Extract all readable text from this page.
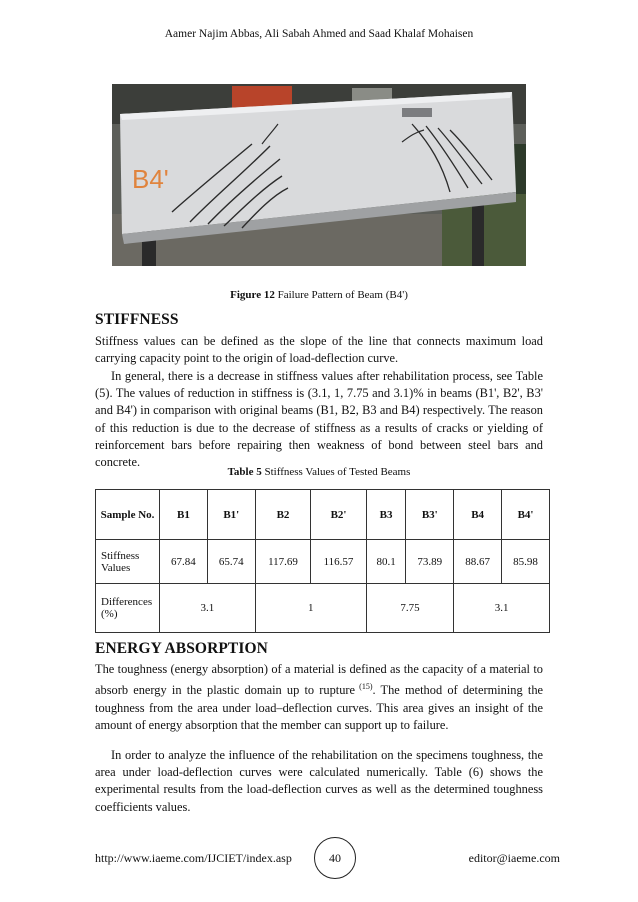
Aamer Najim Abbas, Ali Sabah Ahmed and Saad Khalaf Mohaisen
B4'
Figure 12 Failure Pattern of Beam (B4')
STIFFNESS
Stiffness values can be defined as the slope of the line that connects maximum load carrying capacity point to the origin of load-deflection curve.
In general, there is a decrease in stiffness values after rehabilitation process, see Table (5). The values of reduction in stiffness is (3.1, 1, 7.75 and 3.1)% in beams (B1', B2', B3' and B4') in comparison with original beams (B1, B2, B3 and B4) respectively. The reason of this reduction is due to the decrease of stiffness as a results of cracks or yielding of reinforcement bars before repairing then weakness of bond between steel bars and concrete.
Table 5 Stiffness Values of Tested Beams
Sample No.	B1	B1'	B2	B2'	B3	B3'	B4	B4'
Stiffness Values	67.84	65.74	117.69	116.57	80.1	73.89	88.67	85.98
Differences (%)	3.1		1		7.75		3.1	
ENERGY ABSORPTION
The toughness (energy absorption) of a material is defined as the capacity of a material to absorb energy in the plastic domain up to rupture $^{(15)}$. The method of determining the toughness from the area under load–deflection curves. This area gives an insight of the amount of energy absorption that the member can support up to failure.
In order to analyze the influence of the rehabilitation on the specimens toughness, the area under load-deflection curves were calculated numerically. Table (6) shows the experimental results from the load-deflection curves as well as the determined toughness coefficients values.
http://www.iaeme.com/IJCIET/index.asp	40	editor@iaeme.com
